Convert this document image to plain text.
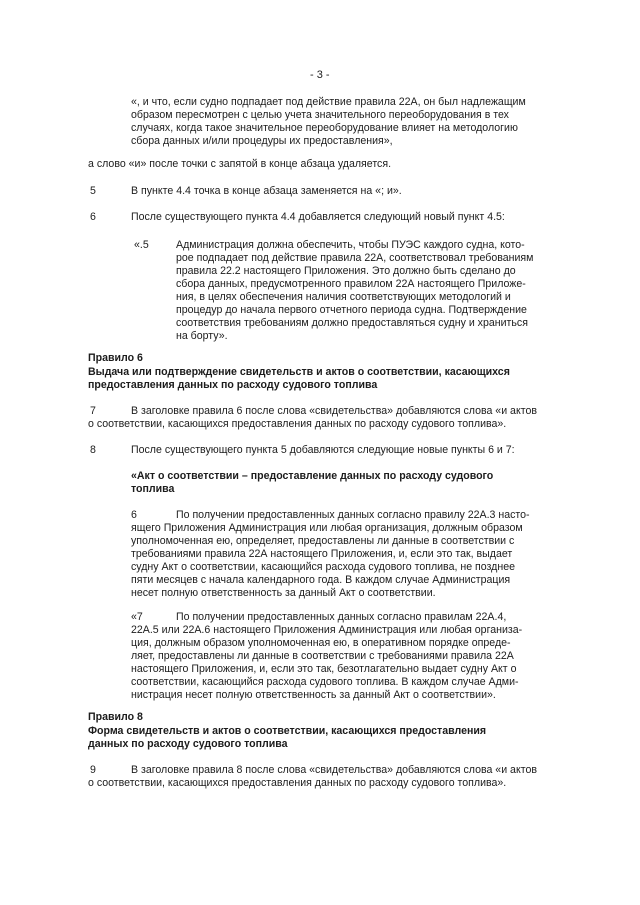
- 3 -
«, и что, если судно подпадает под действие правила 22А, он был надлежащим
образом пересмотрен с целью учета значительного переоборудования в тех
случаях, когда такое значительное переоборудование влияет на методологию
сбора данных и/или процедуры их предоставления»,
а слово «и» после точки с запятой в конце абзаца удаляется.
5	В пункте 4.4 точка в конце абзаца заменяется на «; и».
6	После существующего пункта 4.4 добавляется следующий новый пункт 4.5:
«.5	Администрация должна обеспечить, чтобы ПУЭС каждого судна, кото-
рое подпадает под действие правила 22А, соответствовал требованиям
правила 22.2 настоящего Приложения. Это должно быть сделано до
сбора данных, предусмотренного правилом 22А настоящего Приложе-
ния, в целях обеспечения наличия соответствующих методологий и
процедур до начала первого отчетного периода судна. Подтверждение
соответствия требованиям должно предоставляться судну и храниться
на борту».
Правило 6
Выдача или подтверждение свидетельств и актов о соответствии, касающихся
предоставления данных по расходу судового топлива
7	В заголовке правила 6 после слова «свидетельства» добавляются слова «и актов
о соответствии, касающихся предоставления данных по расходу судового топлива».
8	После существующего пункта 5 добавляются следующие новые пункты 6 и 7:
«Акт о соответствии – предоставление данных по расходу судового
топлива
6	По получении предоставленных данных согласно правилу 22А.3 насто-
ящего Приложения Администрация или любая организация, должным образом
уполномоченная ею, определяет, предоставлены ли данные в соответствии с
требованиями правила 22А настоящего Приложения, и, если это так, выдает
судну Акт о соответствии, касающийся расхода судового топлива, не позднее
пяти месяцев с начала календарного года. В каждом случае Администрация
несет полную ответственность за данный Акт о соответствии.
«7	По получении предоставленных данных согласно правилам 22А.4,
22А.5 или 22А.6 настоящего Приложения Администрация или любая организа-
ция, должным образом уполномоченная ею, в оперативном порядке опреде-
ляет, предоставлены ли данные в соответствии с требованиями правила 22А
настоящего Приложения, и, если это так, безотлагательно выдает судну Акт о
соответствии, касающийся расхода судового топлива. В каждом случае Адми-
нистрация несет полную ответственность за данный Акт о соответствии».
Правило 8
Форма свидетельств и актов о соответствии, касающихся предоставления
данных по расходу судового топлива
9	В заголовке правила 8 после слова «свидетельства» добавляются слова «и актов
о соответствии, касающихся предоставления данных по расходу судового топлива».
